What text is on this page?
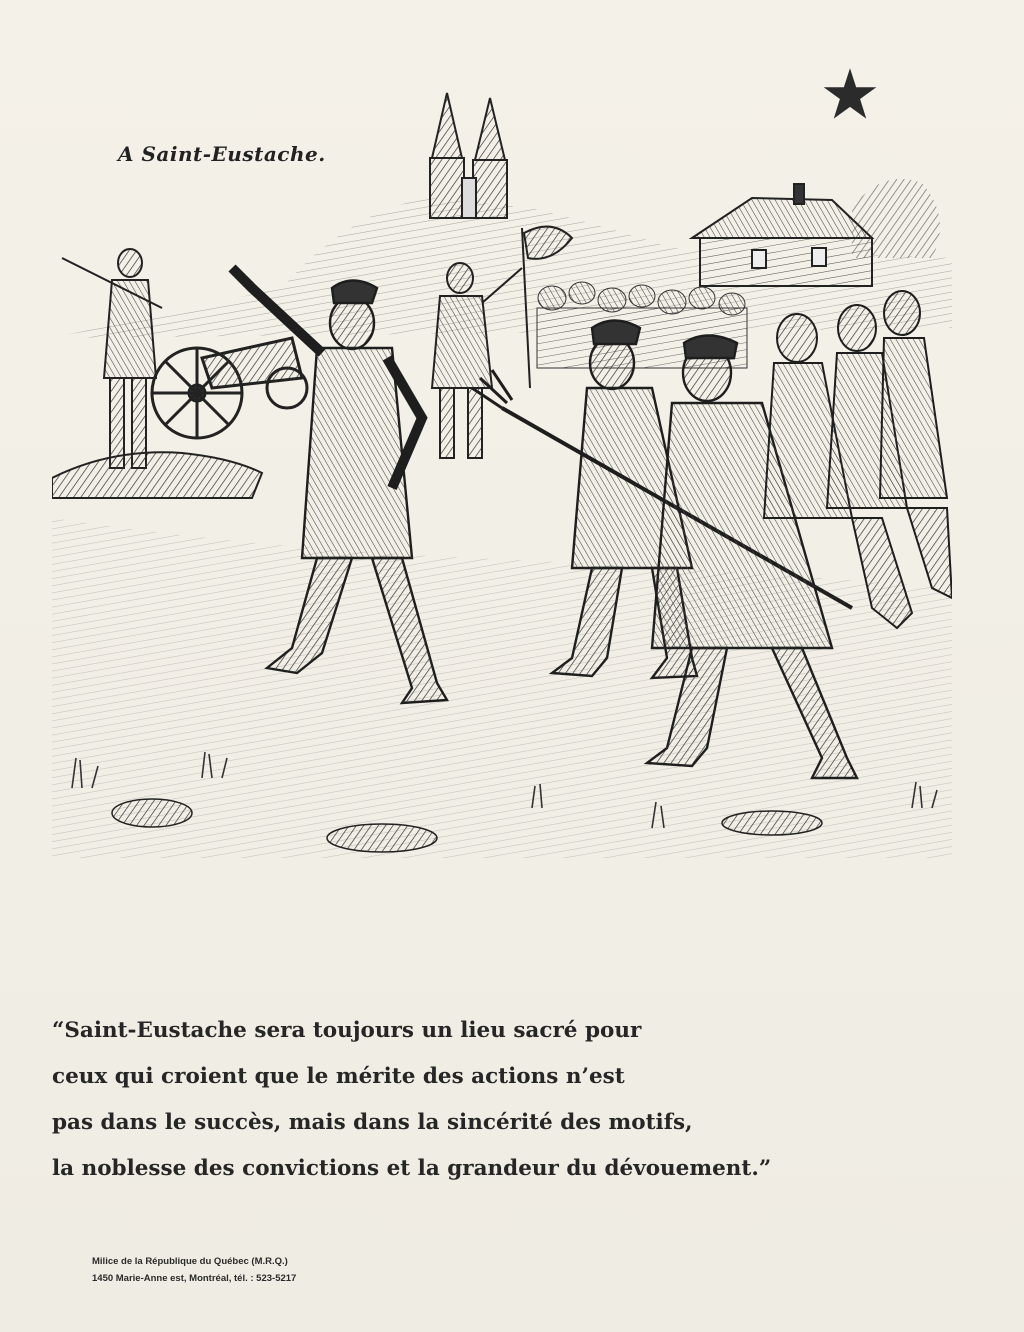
A Saint-Eustache.
“Saint-Eustache sera toujours un lieu sacré pour
ceux qui croient que le mérite des actions n’est
pas dans le succès, mais dans la sincérité des motifs,
la noblesse des convictions et la grandeur du dévouement.”
Milice de la République du Québec (M.R.Q.)
1450 Marie-Anne est, Montréal, tél. : 523-5217
